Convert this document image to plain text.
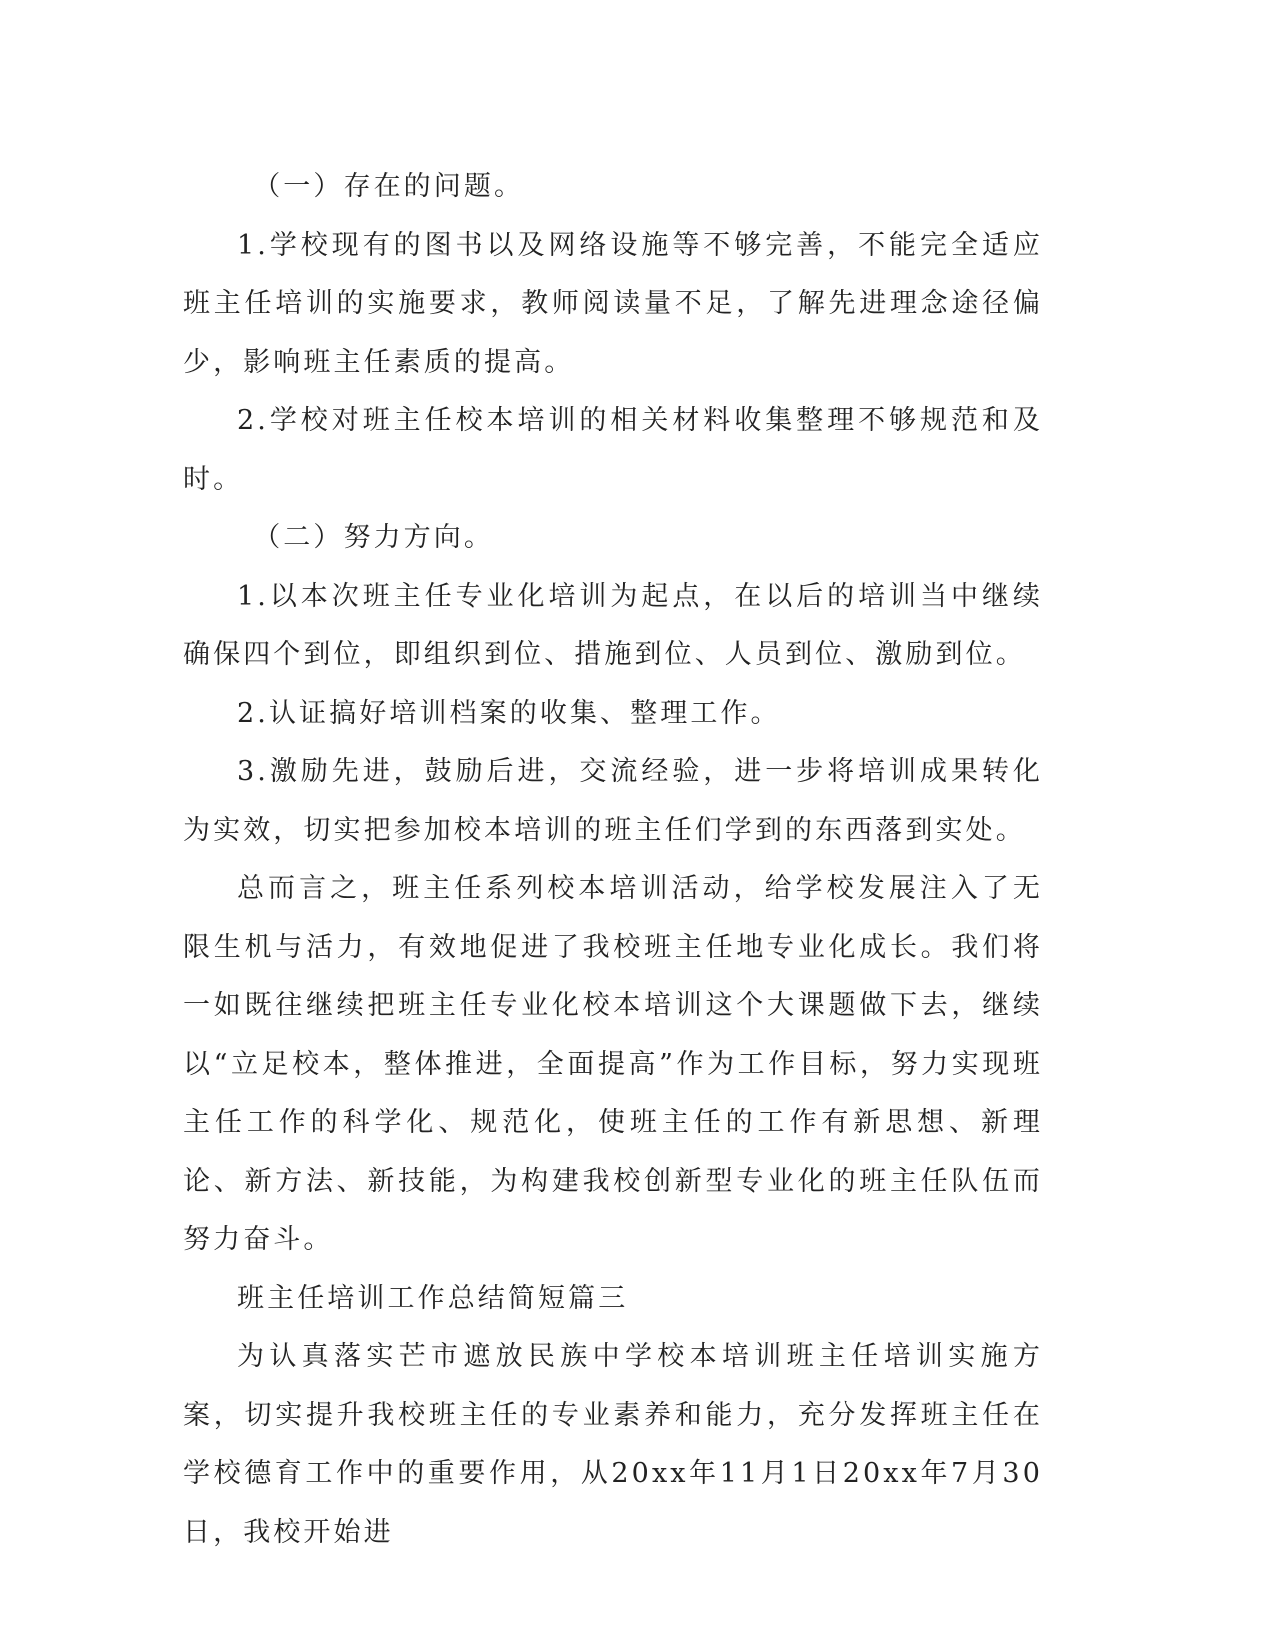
（一）存在的问题。

1.学校现有的图书以及网络设施等不够完善，不能完全适应班主任培训的实施要求，教师阅读量不足，了解先进理念途径偏少，影响班主任素质的提高。

2.学校对班主任校本培训的相关材料收集整理不够规范和及时。

（二）努力方向。

1.以本次班主任专业化培训为起点，在以后的培训当中继续确保四个到位，即组织到位、措施到位、人员到位、激励到位。

2.认证搞好培训档案的收集、整理工作。

3.激励先进，鼓励后进，交流经验，进一步将培训成果转化为实效，切实把参加校本培训的班主任们学到的东西落到实处。

总而言之，班主任系列校本培训活动，给学校发展注入了无限生机与活力，有效地促进了我校班主任地专业化成长。我们将一如既往继续把班主任专业化校本培训这个大课题做下去，继续以“立足校本，整体推进，全面提高”作为工作目标，努力实现班主任工作的科学化、规范化，使班主任的工作有新思想、新理论、新方法、新技能，为构建我校创新型专业化的班主任队伍而努力奋斗。

班主任培训工作总结简短篇三

为认真落实芒市遮放民族中学校本培训班主任培训实施方案，切实提升我校班主任的专业素养和能力，充分发挥班主任在学校德育工作中的重要作用，从20xx年11月1日20xx年7月30日，我校开始进
